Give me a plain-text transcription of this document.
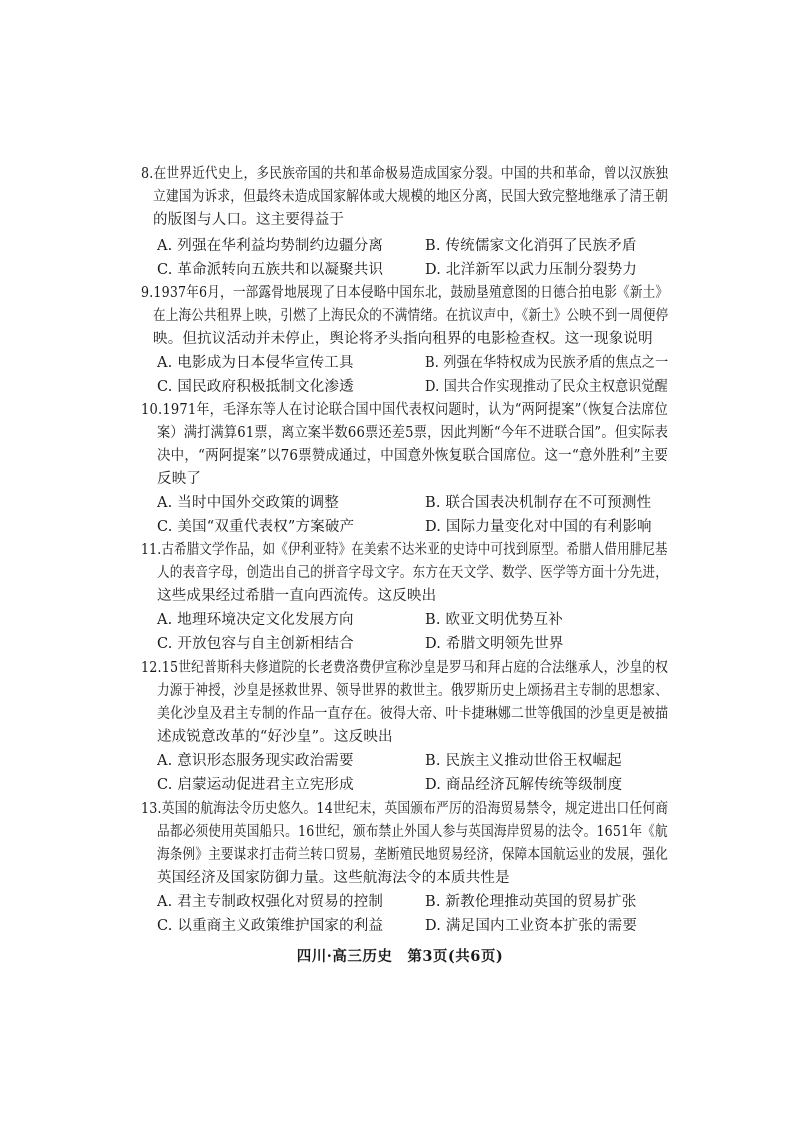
8.在世界近代史上，多民族帝国的共和革命极易造成国家分裂。中国的共和革命，曾以汉族独
立建国为诉求，但最终未造成国家解体或大规模的地区分离，民国大致完整地继承了清王朝
的版图与人口。这主要得益于
A. 列强在华利益均势制约边疆分离	B. 传统儒家文化消弭了民族矛盾
C. 革命派转向五族共和以凝聚共识	D. 北洋新军以武力压制分裂势力
9.1937年6月，一部露骨地展现了日本侵略中国东北，鼓励垦殖意图的日德合拍电影《新土》
在上海公共租界上映，引燃了上海民众的不满情绪。在抗议声中，《新土》公映不到一周便停
映。但抗议活动并未停止，舆论将矛头指向租界的电影检查权。这一现象说明
A. 电影成为日本侵华宣传工具	B. 列强在华特权成为民族矛盾的焦点之一
C. 国民政府积极抵制文化渗透	D. 国共合作实现推动了民众主权意识觉醒
10.1971年，毛泽东等人在讨论联合国中国代表权问题时，认为“两阿提案”（恢复合法席位
案）满打满算61票，离立案半数66票还差5票，因此判断“今年不进联合国”。但实际表
决中，“两阿提案”以76票赞成通过，中国意外恢复联合国席位。这一“意外胜利”主要
反映了
A. 当时中国外交政策的调整	B. 联合国表决机制存在不可预测性
C. 美国“双重代表权”方案破产	D. 国际力量变化对中国的有利影响
11.古希腊文学作品，如《伊利亚特》在美索不达米亚的史诗中可找到原型。希腊人借用腓尼基
人的表音字母，创造出自己的拼音字母文字。东方在天文学、数学、医学等方面十分先进，
这些成果经过希腊一直向西流传。这反映出
A. 地理环境决定文化发展方向	B. 欧亚文明优势互补
C. 开放包容与自主创新相结合	D. 希腊文明领先世界
12.15世纪普斯科夫修道院的长老费洛费伊宣称沙皇是罗马和拜占庭的合法继承人，沙皇的权
力源于神授，沙皇是拯救世界、领导世界的救世主。俄罗斯历史上颂扬君主专制的思想家、
美化沙皇及君主专制的作品一直存在。彼得大帝、叶卡捷琳娜二世等俄国的沙皇更是被描
述成锐意改革的“好沙皇”。这反映出
A. 意识形态服务现实政治需要	B. 民族主义推动世俗王权崛起
C. 启蒙运动促进君主立宪形成	D. 商品经济瓦解传统等级制度
13.英国的航海法令历史悠久。14世纪末，英国颁布严厉的沿海贸易禁令，规定进出口任何商
品都必须使用英国船只。16世纪，颁布禁止外国人参与英国海岸贸易的法令。1651年《航
海条例》主要谋求打击荷兰转口贸易，垄断殖民地贸易经济，保障本国航运业的发展，强化
英国经济及国家防御力量。这些航海法令的本质共性是
A. 君主专制政权强化对贸易的控制	B. 新教伦理推动英国的贸易扩张
C. 以重商主义政策维护国家的利益	D. 满足国内工业资本扩张的需要
四川·高三历史　第3页(共6页)
